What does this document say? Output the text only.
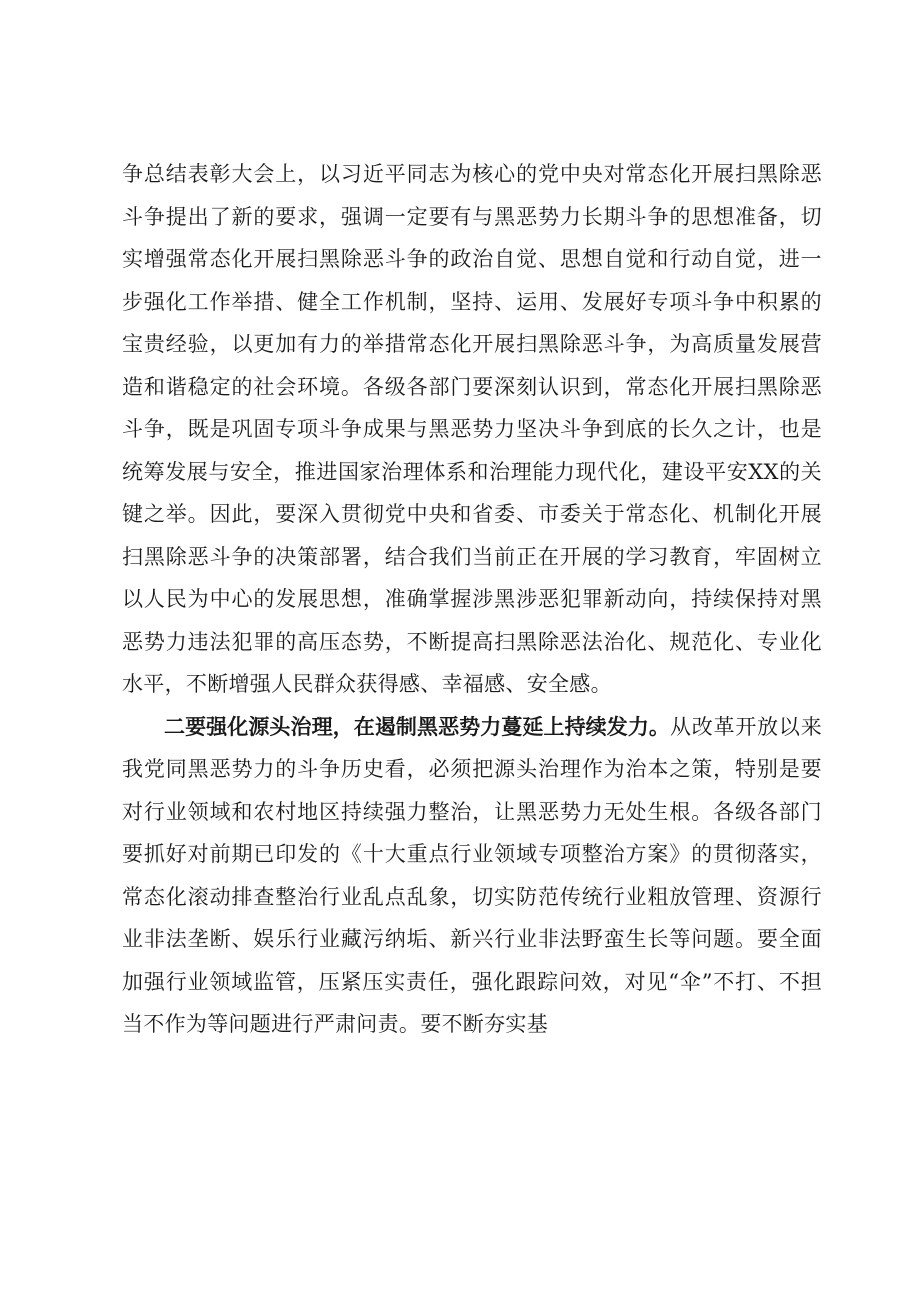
争总结表彰大会上，以习近平同志为核心的党中央对常态化开展扫黑除恶斗争提出了新的要求，强调一定要有与黑恶势力长期斗争的思想准备，切实增强常态化开展扫黑除恶斗争的政治自觉、思想自觉和行动自觉，进一步强化工作举措、健全工作机制，坚持、运用、发展好专项斗争中积累的宝贵经验，以更加有力的举措常态化开展扫黑除恶斗争，为高质量发展营造和谐稳定的社会环境。各级各部门要深刻认识到，常态化开展扫黑除恶斗争，既是巩固专项斗争成果与黑恶势力坚决斗争到底的长久之计，也是统筹发展与安全，推进国家治理体系和治理能力现代化，建设平安XX的关键之举。因此，要深入贯彻党中央和省委、市委关于常态化、机制化开展扫黑除恶斗争的决策部署，结合我们当前正在开展的学习教育，牢固树立以人民为中心的发展思想，准确掌握涉黑涉恶犯罪新动向，持续保持对黑恶势力违法犯罪的高压态势，不断提高扫黑除恶法治化、规范化、专业化水平，不断增强人民群众获得感、幸福感、安全感。

二要强化源头治理，在遏制黑恶势力蔓延上持续发力。从改革开放以来我党同黑恶势力的斗争历史看，必须把源头治理作为治本之策，特别是要对行业领域和农村地区持续强力整治，让黑恶势力无处生根。各级各部门要抓好对前期已印发的《十大重点行业领域专项整治方案》的贯彻落实，常态化滚动排查整治行业乱点乱象，切实防范传统行业粗放管理、资源行业非法垄断、娱乐行业藏污纳垢、新兴行业非法野蛮生长等问题。要全面加强行业领域监管，压紧压实责任，强化跟踪问效，对见“伞”不打、不担当不作为等问题进行严肃问责。要不断夯实基
